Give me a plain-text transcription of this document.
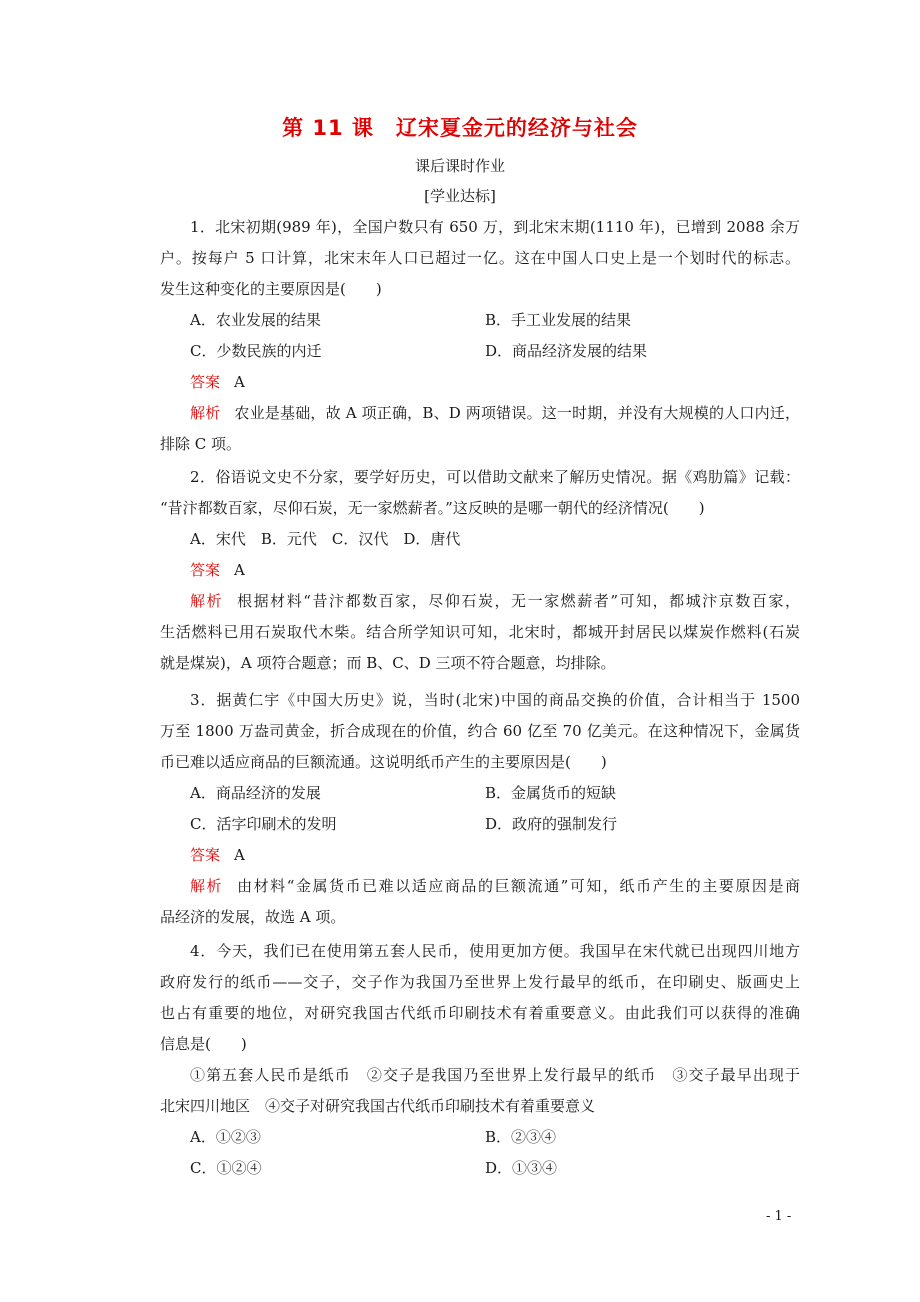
第 11 课 辽宋夏金元的经济与社会
课后课时作业
[学业达标]
1．北宋初期(989 年)，全国户数只有 650 万，到北宋末期(1110 年)，已增到 2088 余万
户。按每户 5 口计算，北宋末年人口已超过一亿。这在中国人口史上是一个划时代的标志。
发生这种变化的主要原因是(　　)
A．农业发展的结果	B．手工业发展的结果
C．少数民族的内迁	D．商品经济发展的结果
答案 A
解析 农业是基础，故 A 项正确，B、D 两项错误。这一时期，并没有大规模的人口内迁，
排除 C 项。
2．俗语说文史不分家，要学好历史，可以借助文献来了解历史情况。据《鸡肋篇》记载：
“昔汴都数百家，尽仰石炭，无一家燃薪者。”这反映的是哪一朝代的经济情况(　　)
A．宋代　B．元代　C．汉代　D．唐代
答案 A
解析 根据材料“昔汴都数百家，尽仰石炭，无一家燃薪者”可知，都城汴京数百家，
生活燃料已用石炭取代木柴。结合所学知识可知，北宋时，都城开封居民以煤炭作燃料(石炭
就是煤炭)，A 项符合题意；而 B、C、D 三项不符合题意，均排除。
3．据黄仁宇《中国大历史》说，当时(北宋)中国的商品交换的价值，合计相当于 1500
万至 1800 万盎司黄金，折合成现在的价值，约合 60 亿至 70 亿美元。在这种情况下，金属货
币已难以适应商品的巨额流通。这说明纸币产生的主要原因是(　　)
A．商品经济的发展	B．金属货币的短缺
C．活字印刷术的发明	D．政府的强制发行
答案 A
解析 由材料“金属货币已难以适应商品的巨额流通”可知，纸币产生的主要原因是商
品经济的发展，故选 A 项。
4．今天，我们已在使用第五套人民币，使用更加方便。我国早在宋代就已出现四川地方
政府发行的纸币——交子，交子作为我国乃至世界上发行最早的纸币，在印刷史、版画史上
也占有重要的地位，对研究我国古代纸币印刷技术有着重要意义。由此我们可以获得的准确
信息是(　　)
①第五套人民币是纸币　②交子是我国乃至世界上发行最早的纸币　③交子最早出现于
北宋四川地区　④交子对研究我国古代纸币印刷技术有着重要意义
A．①②③	B．②③④
C．①②④	D．①③④
- 1 -
